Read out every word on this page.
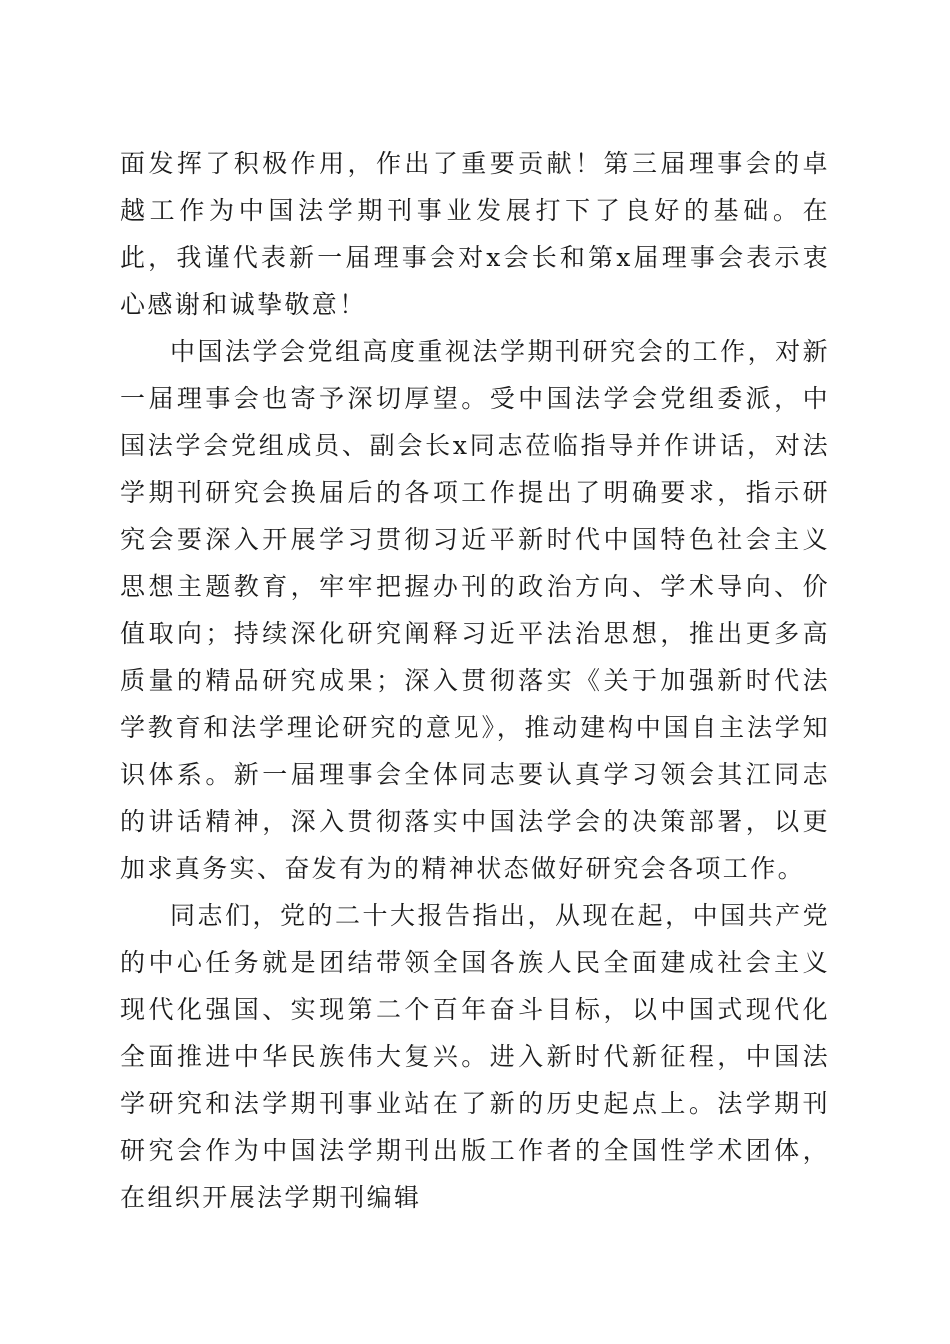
面发挥了积极作用，作出了重要贡献！第三届理事会的卓越工作为中国法学期刊事业发展打下了良好的基础。在此，我谨代表新一届理事会对x会长和第x届理事会表示衷心感谢和诚挚敬意！

中国法学会党组高度重视法学期刊研究会的工作，对新一届理事会也寄予深切厚望。受中国法学会党组委派，中国法学会党组成员、副会长x同志莅临指导并作讲话，对法学期刊研究会换届后的各项工作提出了明确要求，指示研究会要深入开展学习贯彻习近平新时代中国特色社会主义思想主题教育，牢牢把握办刊的政治方向、学术导向、价值取向；持续深化研究阐释习近平法治思想，推出更多高质量的精品研究成果；深入贯彻落实《关于加强新时代法学教育和法学理论研究的意见》，推动建构中国自主法学知识体系。新一届理事会全体同志要认真学习领会其江同志的讲话精神，深入贯彻落实中国法学会的决策部署，以更加求真务实、奋发有为的精神状态做好研究会各项工作。

同志们，党的二十大报告指出，从现在起，中国共产党的中心任务就是团结带领全国各族人民全面建成社会主义现代化强国、实现第二个百年奋斗目标，以中国式现代化全面推进中华民族伟大复兴。进入新时代新征程，中国法学研究和法学期刊事业站在了新的历史起点上。法学期刊研究会作为中国法学期刊出版工作者的全国性学术团体，在组织开展法学期刊编辑
